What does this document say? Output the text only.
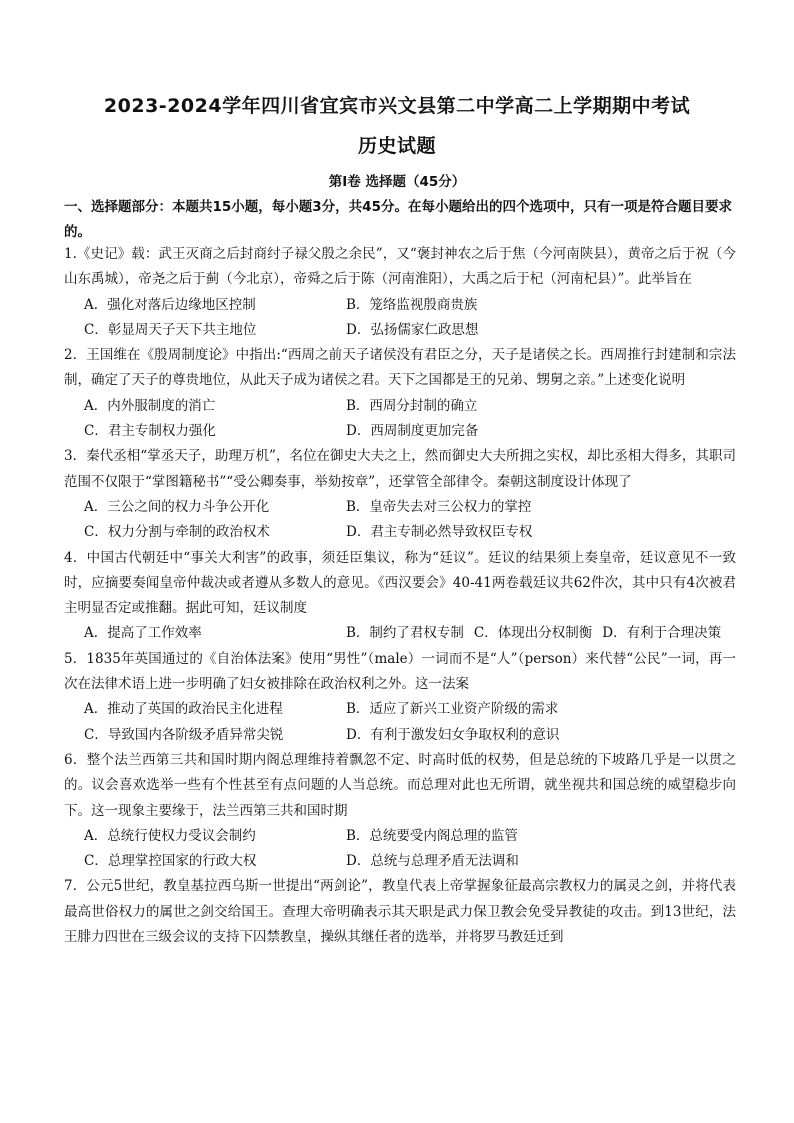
2023-2024学年四川省宜宾市兴文县第二中学高二上学期期中考试
历史试题
第Ⅰ卷 选择题（45分）
一、选择题部分：本题共15小题，每小题3分，共45分。在每小题给出的四个选项中，只有一项是符合题目要求的。

1.《史记》载：武王灭商之后封商纣子禄父殷之余民”，又“褒封神农之后于焦（今河南陕县），黄帝之后于祝（今山东禹城），帝尧之后于蓟（今北京），帝舜之后于陈（河南淮阳），大禹之后于杞（河南杞县）”。此举旨在

A．强化对落后边缘地区控制	B．笼络监视殷商贵族
C．彰显周天子天下共主地位	D．弘扬儒家仁政思想

2．王国维在《殷周制度论》中指出:“西周之前天子诸侯没有君臣之分，天子是诸侯之长。西周推行封建制和宗法制，确定了天子的尊贵地位，从此天子成为诸侯之君。天下之国都是王的兄弟、甥舅之亲。”上述变化说明

A．内外服制度的消亡	B．西周分封制的确立
C．君主专制权力强化	D．西周制度更加完备

3．秦代丞相“掌丞天子，助理万机”，名位在御史大夫之上，然而御史大夫所拥之实权，却比丞相大得多，其职司范围不仅限于“掌图籍秘书”“受公卿奏事，举劾按章”，还掌管全部律令。秦朝这制度设计体现了

A．三公之间的权力斗争公开化	B．皇帝失去对三公权力的掌控
C．权力分割与牵制的政治权术	D．君主专制必然导致权臣专权

4．中国古代朝廷中“事关大利害”的政事，须廷臣集议，称为“廷议”。廷议的结果须上奏皇帝，廷议意见不一致时，应摘要奏闻皇帝仲裁决或者遵从多数人的意见。《西汉要会》40-41两卷载廷议共62件次，其中只有4次被君主明显否定或推翻。据此可知，廷议制度

A．提高了工作效率	B．制约了君权专制 C．体现出分权制衡 D．有利于合理决策

5．1835年英国通过的《自治体法案》使用“男性”（male）一词而不是“人”（person）来代替“公民”一词，再一次在法律术语上进一步明确了妇女被排除在政治权利之外。这一法案

A．推动了英国的政治民主化进程	B．适应了新兴工业资产阶级的需求
C．导致国内各阶级矛盾异常尖锐	D．有利于激发妇女争取权利的意识

6．整个法兰西第三共和国时期内阁总理维持着飘忽不定、时高时低的权势，但是总统的下坡路几乎是一以贯之的。议会喜欢选举一些有个性甚至有点问题的人当总统。而总理对此也无所谓，就坐视共和国总统的威望稳步向下。这一现象主要缘于，法兰西第三共和国时期

A．总统行使权力受议会制约	B．总统要受内阁总理的监管
C．总理掌控国家的行政大权	D．总统与总理矛盾无法调和

7．公元5世纪，教皇基拉西乌斯一世提出“两剑论”，教皇代表上帝掌握象征最高宗教权力的属灵之剑，并将代表最高世俗权力的属世之剑交给国王。查理大帝明确表示其天职是武力保卫教会免受异教徒的攻击。到13世纪，法王腓力四世在三级会议的支持下囚禁教皇，操纵其继任者的选举，并将罗马教廷迁到
